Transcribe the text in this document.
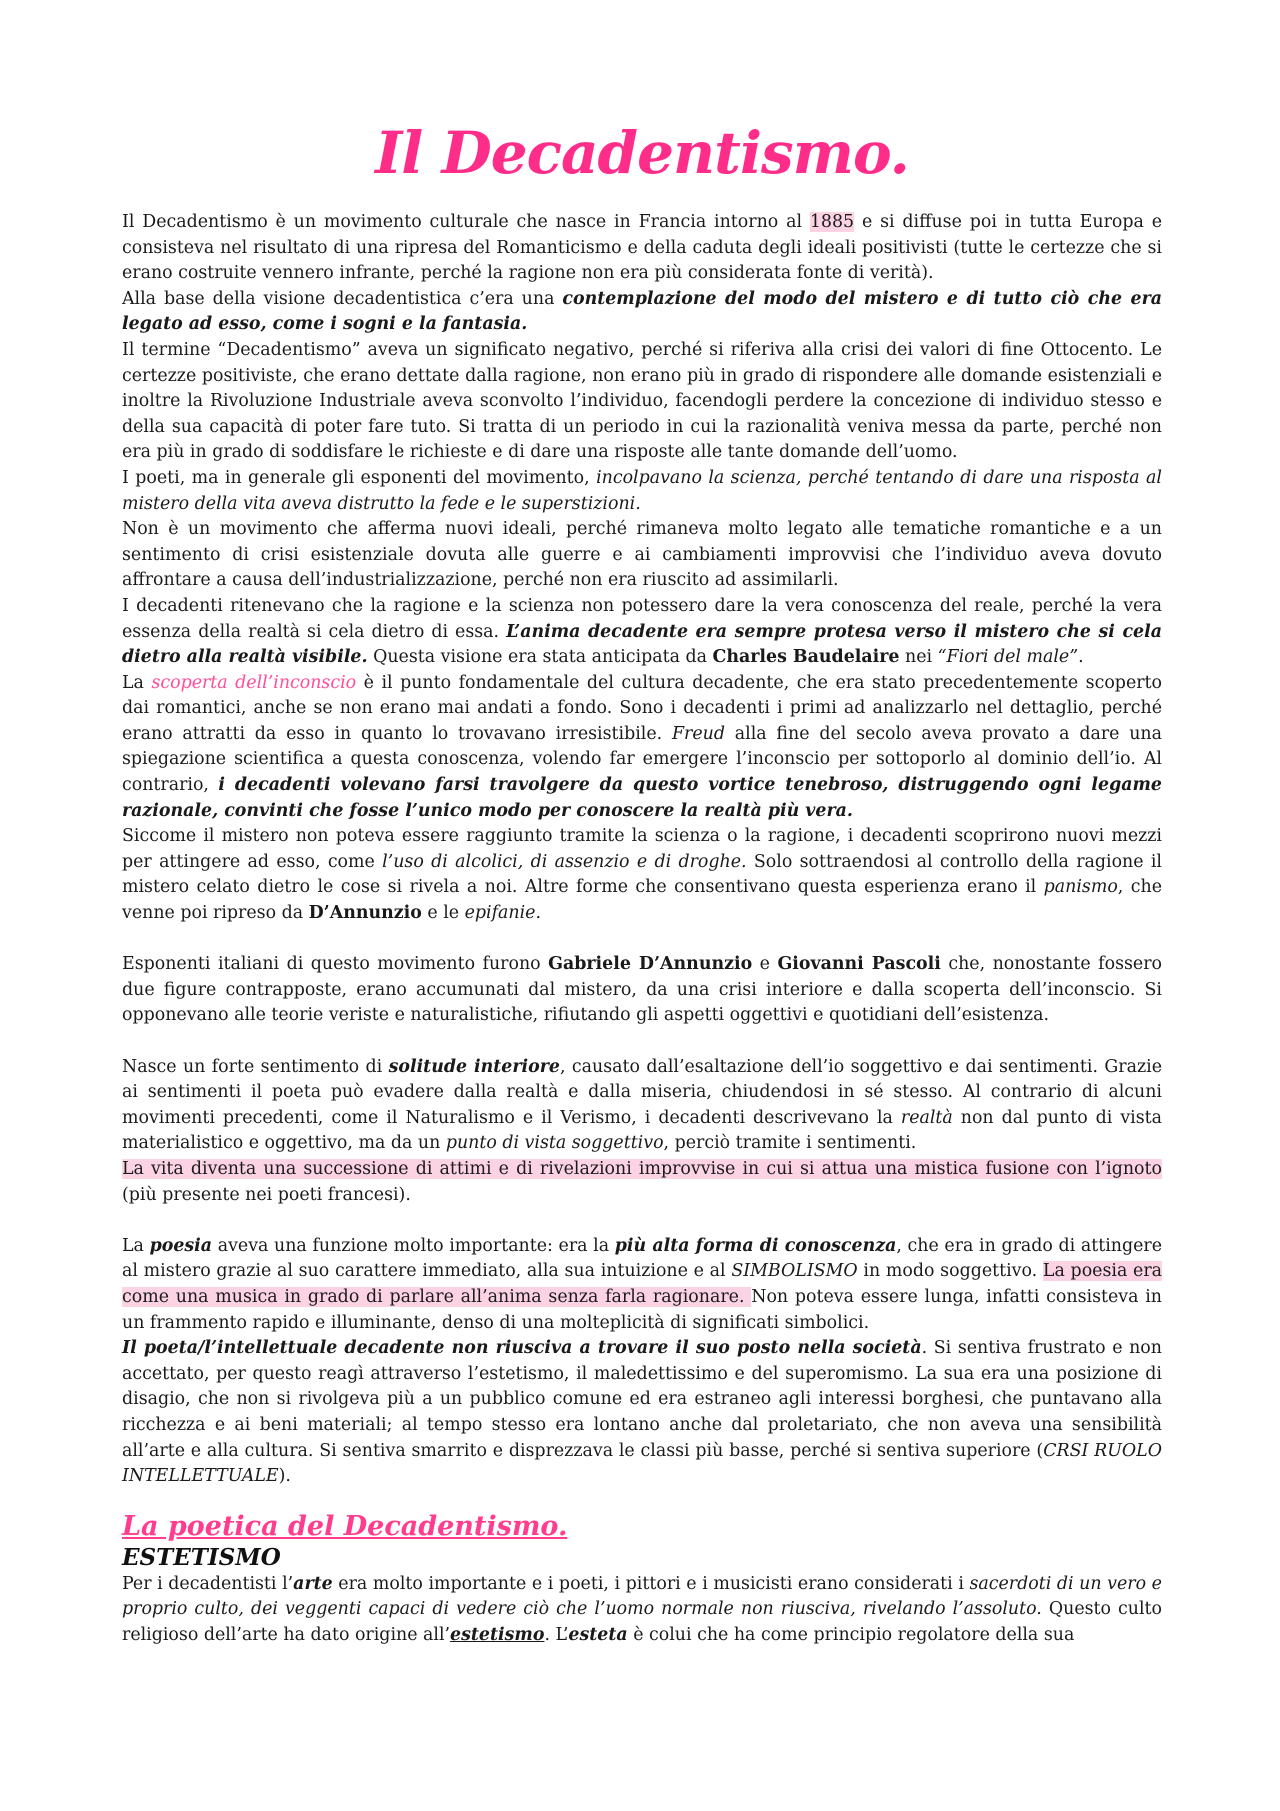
Il Decadentismo.

Il Decadentismo è un movimento culturale che nasce in Francia intorno al 1885 e si diffuse poi in tutta Europa e consisteva nel risultato di una ripresa del Romanticismo e della caduta degli ideali positivisti (tutte le certezze che si erano costruite vennero infrante, perché la ragione non era più considerata fonte di verità).

Alla base della visione decadentistica c’era una contemplazione del modo del mistero e di tutto ciò che era legato ad esso, come i sogni e la fantasia.

Il termine “Decadentismo” aveva un significato negativo, perché si riferiva alla crisi dei valori di fine Ottocento. Le certezze positiviste, che erano dettate dalla ragione, non erano più in grado di rispondere alle domande esistenziali e inoltre la Rivoluzione Industriale aveva sconvolto l’individuo, facendogli perdere la concezione di individuo stesso e della sua capacità di poter fare tuto. Si tratta di un periodo in cui la razionalità veniva messa da parte, perché non era più in grado di soddisfare le richieste e di dare una risposte alle tante domande dell’uomo.

I poeti, ma in generale gli esponenti del movimento, incolpavano la scienza, perché tentando di dare una risposta al mistero della vita aveva distrutto la fede e le superstizioni.

Non è un movimento che afferma nuovi ideali, perché rimaneva molto legato alle tematiche romantiche e a un sentimento di crisi esistenziale dovuta alle guerre e ai cambiamenti improvvisi che l’individuo aveva dovuto affrontare a causa dell’industrializzazione, perché non era riuscito ad assimilarli.

I decadenti ritenevano che la ragione e la scienza non potessero dare la vera conoscenza del reale, perché la vera essenza della realtà si cela dietro di essa. L’anima decadente era sempre protesa verso il mistero che si cela dietro alla realtà visibile. Questa visione era stata anticipata da Charles Baudelaire nei “Fiori del male”.

La scoperta dell’inconscio è il punto fondamentale del cultura decadente, che era stato precedentemente scoperto dai romantici, anche se non erano mai andati a fondo. Sono i decadenti i primi ad analizzarlo nel dettaglio, perché erano attratti da esso in quanto lo trovavano irresistibile. Freud alla fine del secolo aveva provato a dare una spiegazione scientifica a questa conoscenza, volendo far emergere l’inconscio per sottoporlo al dominio dell’io. Al contrario, i decadenti volevano farsi travolgere da questo vortice tenebroso, distruggendo ogni legame razionale, convinti che fosse l’unico modo per conoscere la realtà più vera.

Siccome il mistero non poteva essere raggiunto tramite la scienza o la ragione, i decadenti scoprirono nuovi mezzi per attingere ad esso, come l’uso di alcolici, di assenzio e di droghe. Solo sottraendosi al controllo della ragione il mistero celato dietro le cose si rivela a noi. Altre forme che consentivano questa esperienza erano il panismo, che venne poi ripreso da D’Annunzio e le epifanie.

Esponenti italiani di questo movimento furono Gabriele D’Annunzio e Giovanni Pascoli che, nonostante fossero due figure contrapposte, erano accumunati dal mistero, da una crisi interiore e dalla scoperta dell’inconscio. Si opponevano alle teorie veriste e naturalistiche, rifiutando gli aspetti oggettivi e quotidiani dell’esistenza.

Nasce un forte sentimento di solitude interiore, causato dall’esaltazione dell’io soggettivo e dai sentimenti. Grazie ai sentimenti il poeta può evadere dalla realtà e dalla miseria, chiudendosi in sé stesso. Al contrario di alcuni movimenti precedenti, come il Naturalismo e il Verismo, i decadenti descrivevano la realtà non dal punto di vista materialistico e oggettivo, ma da un punto di vista soggettivo, perciò tramite i sentimenti.

La vita diventa una successione di attimi e di rivelazioni improvvise in cui si attua una mistica fusione con l’ignoto (più presente nei poeti francesi).

La poesia aveva una funzione molto importante: era la più alta forma di conoscenza, che era in grado di attingere al mistero grazie al suo carattere immediato, alla sua intuizione e al SIMBOLISMO in modo soggettivo. La poesia era come una musica in grado di parlare all’anima senza farla ragionare. Non poteva essere lunga, infatti consisteva in un frammento rapido e illuminante, denso di una molteplicità di significati simbolici.

Il poeta/l’intellettuale decadente non riusciva a trovare il suo posto nella società. Si sentiva frustrato e non accettato, per questo reagì attraverso l’estetismo, il maledettissimo e del superomismo. La sua era una posizione di disagio, che non si rivolgeva più a un pubblico comune ed era estraneo agli interessi borghesi, che puntavano alla ricchezza e ai beni materiali; al tempo stesso era lontano anche dal proletariato, che non aveva una sensibilità all’arte e alla cultura. Si sentiva smarrito e disprezzava le classi più basse, perché si sentiva superiore (CRSI RUOLO INTELLETTUALE).

La poetica del Decadentismo.
ESTETISMO

Per i decadentisti l’arte era molto importante e i poeti, i pittori e i musicisti erano considerati i sacerdoti di un vero e proprio culto, dei veggenti capaci di vedere ciò che l’uomo normale non riusciva, rivelando l’assoluto. Questo culto religioso dell’arte ha dato origine all’estetismo. L’esteta è colui che ha come principio regolatore della sua
